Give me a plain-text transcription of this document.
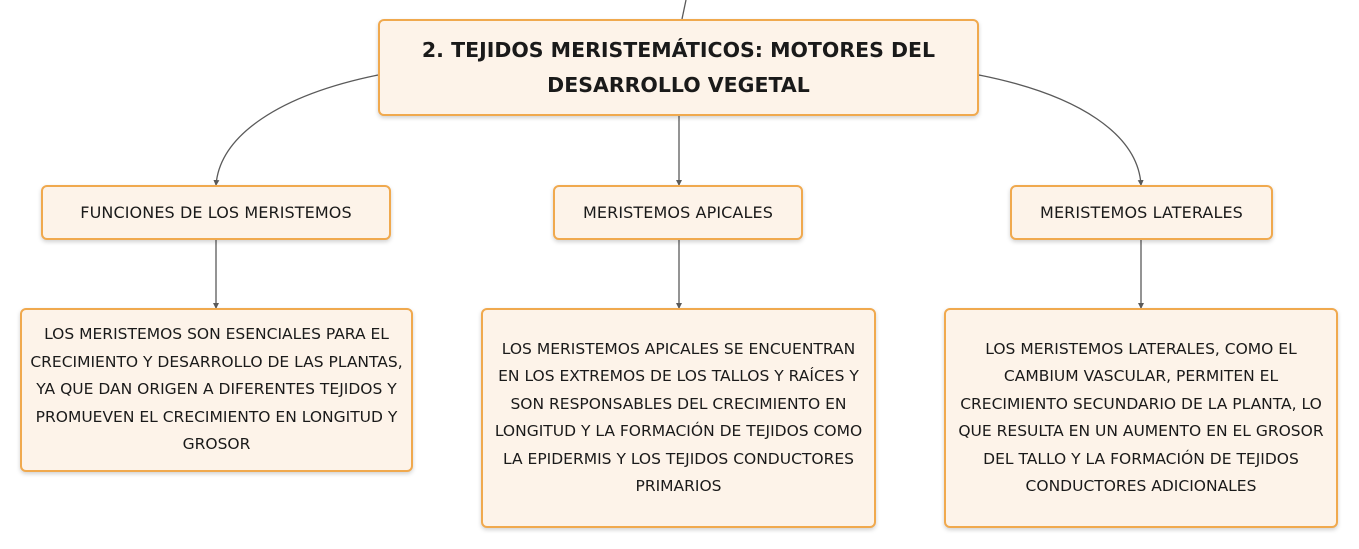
2. TEJIDOS MERISTEMÁTICOS: MOTORES DEL DESARROLLO VEGETAL
FUNCIONES DE LOS MERISTEMOS	MERISTEMOS APICALES	MERISTEMOS LATERALES
LOS MERISTEMOS SON ESENCIALES PARA EL CRECIMIENTO Y DESARROLLO DE LAS PLANTAS, YA QUE DAN ORIGEN A DIFERENTES TEJIDOS Y PROMUEVEN EL CRECIMIENTO EN LONGITUD Y GROSOR
LOS MERISTEMOS APICALES SE ENCUENTRAN EN LOS EXTREMOS DE LOS TALLOS Y RAÍCES Y SON RESPONSABLES DEL CRECIMIENTO EN LONGITUD Y LA FORMACIÓN DE TEJIDOS COMO LA EPIDERMIS Y LOS TEJIDOS CONDUCTORES PRIMARIOS
LOS MERISTEMOS LATERALES, COMO EL CAMBIUM VASCULAR, PERMITEN EL CRECIMIENTO SECUNDARIO DE LA PLANTA, LO QUE RESULTA EN UN AUMENTO EN EL GROSOR DEL TALLO Y LA FORMACIÓN DE TEJIDOS CONDUCTORES ADICIONALES
